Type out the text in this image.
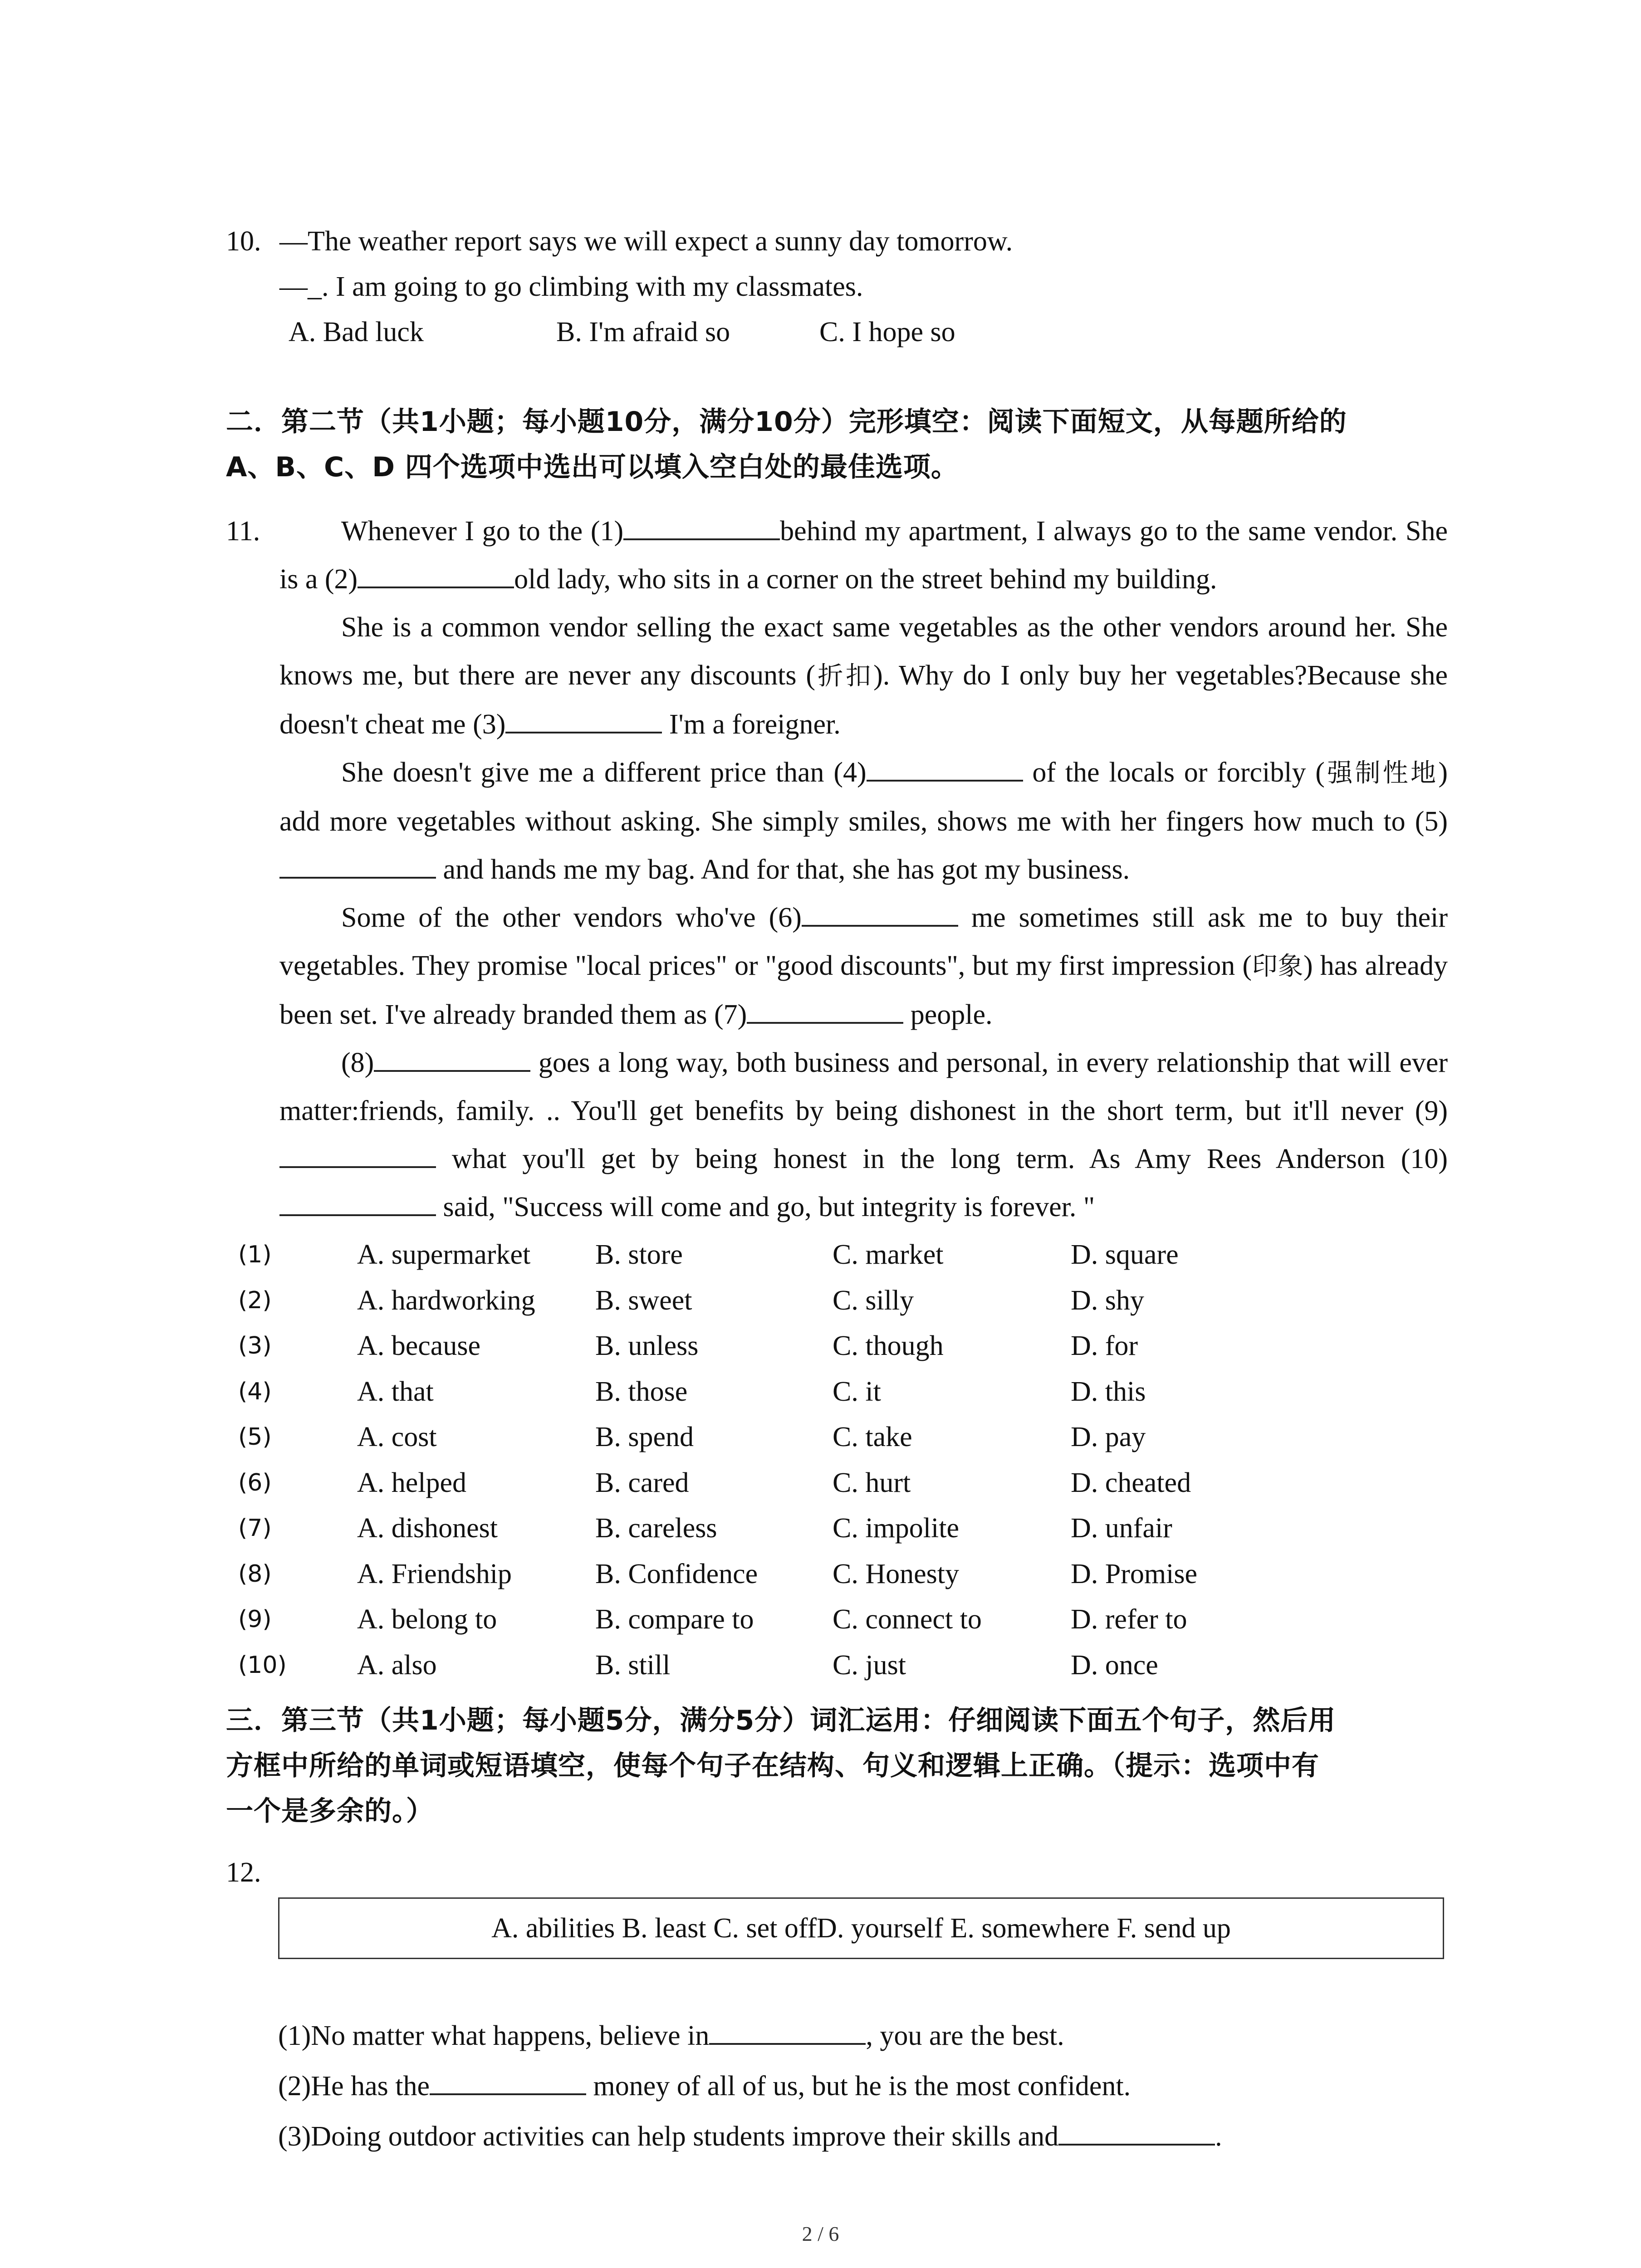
10. —The weather report says we will expect a sunny day tomorrow.
—_. I am going to go climbing with my classmates.
A. Bad luck	B. I'm afraid so	C. I hope so
二．第二节（共1小题；每小题10分，满分10分）完形填空：阅读下面短文，从每题所给的
A、B、C、D 四个选项中选出可以填入空白处的最佳选项。
11.	Whenever I go to the (1)	behind my apartment, I always go to the same vendor. She is a (2)	old lady, who sits in a corner on the street behind my building.

She is a common vendor selling the exact same vegetables as the other vendors around her. She knows me, but there are never any discounts (折扣). Why do I only buy her vegetables?Because she doesn't cheat me (3)	I'm a foreigner.

She doesn't give me a different price than (4)	of the locals or forcibly (强制性地) add more vegetables without asking. She simply smiles, shows me with her fingers how much to (5) and hands me my bag. And for that, she has got my business.

Some of the other vendors who've (6)	me sometimes still ask me to buy their vegetables. They promise "local prices" or "good discounts", but my first impression (印象) has already been set. I've already branded them as (7)	people.

(8)	goes a long way, both business and personal, in every relationship that will ever matter:friends, family. .. You'll get benefits by being dishonest in the short term, but it'll never (9) what you'll get by being honest in the long term. As Amy Rees Anderson (10) said, "Success will come and go, but integrity is forever. "

(1)	A. supermarket B. store	C. market	D. square
(2)	A. hardworking B. sweet	C. silly	D. shy
(3)	A. because	B. unless	C. though	D. for
(4)	A. that	B. those	C. it	D. this
(5)	A. cost	B. spend	C. take	D. pay
(6)	A. helped	B. cared	C. hurt	D. cheated
(7)	A. dishonest	B. careless	C. impolite	D. unfair
(8)	A. Friendship	B. Confidence	C. Honesty	D. Promise
(9)	A. belong to	B. compare to	C. connect to	D. refer to
(10)	A. also	B. still	C. just	D. once
三．第三节（共1小题；每小题5分，满分5分）词汇运用：仔细阅读下面五个句子，然后用
方框中所给的单词或短语填空，使每个句子在结构、句义和逻辑上正确。（提示：选项中有
一个是多余的。）
12.
A. abilities B. least C. set offD. yourself E. somewhere F. send up
(1)No matter what happens, believe in	, you are the best.
(2)He has the	money of all of us, but he is the most confident.
(3)Doing outdoor activities can help students improve their skills and	.
2 / 6
